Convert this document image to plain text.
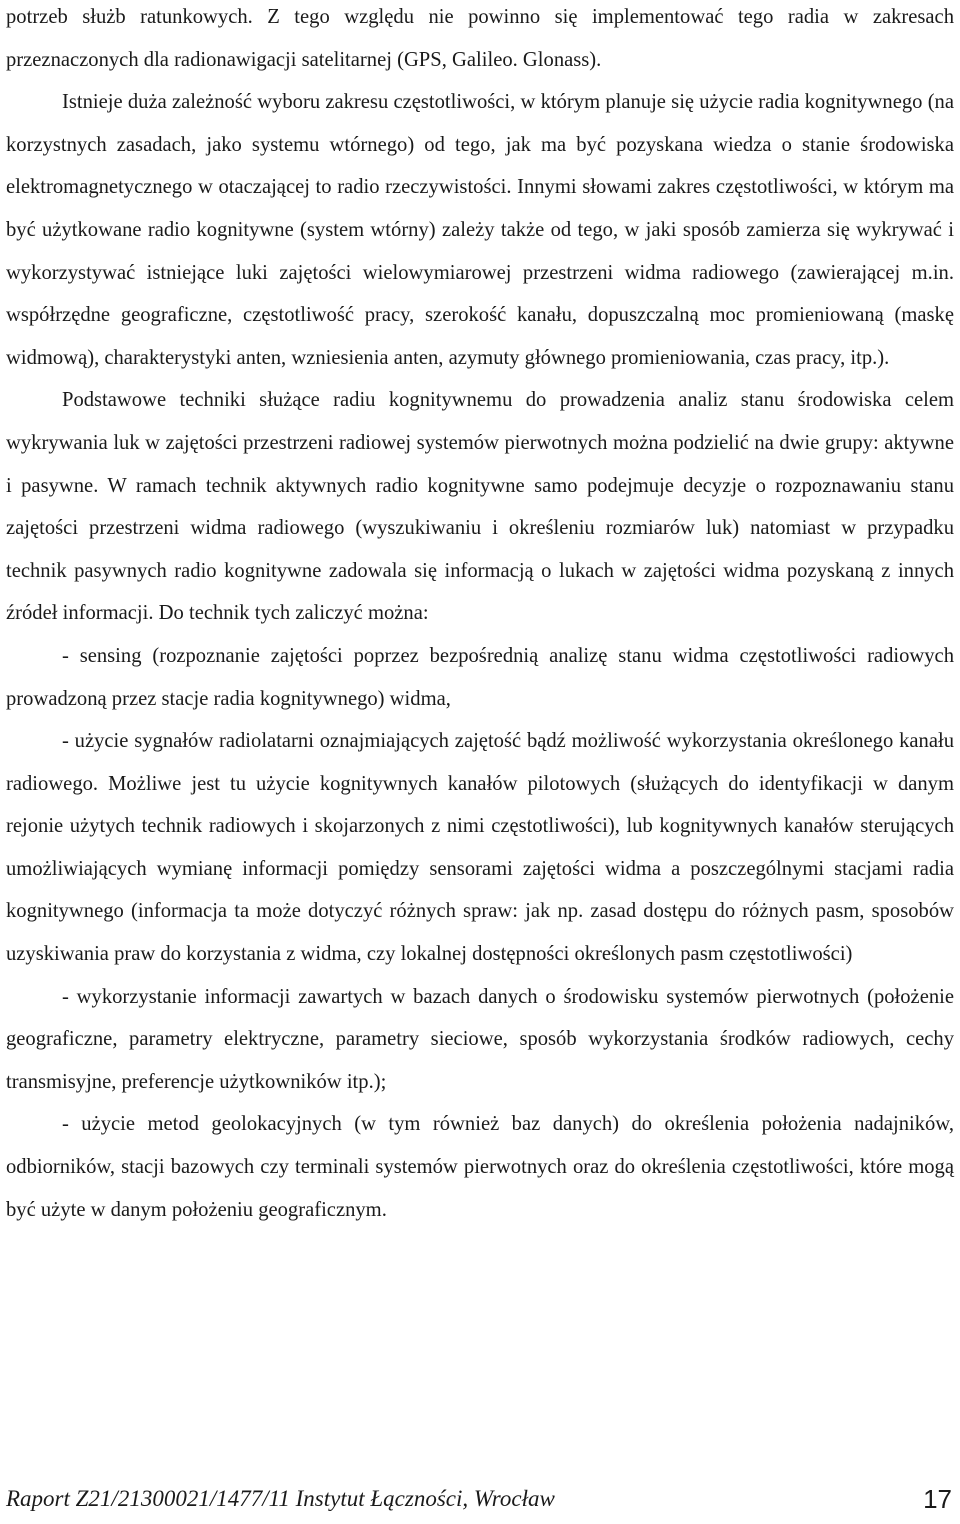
potrzeb służb ratunkowych. Z tego względu nie powinno się implementować tego radia w zakresach przeznaczonych dla radionawigacji satelitarnej (GPS, Galileo. Glonass).

Istnieje duża zależność wyboru zakresu częstotliwości, w którym planuje się użycie radia kognitywnego (na korzystnych zasadach, jako systemu wtórnego) od tego, jak ma być pozyskana wiedza o stanie środowiska elektromagnetycznego w otaczającej to radio rzeczywistości. Innymi słowami zakres częstotliwości, w którym ma być użytkowane radio kognitywne (system wtórny) zależy także od tego, w jaki sposób zamierza się wykrywać i wykorzystywać istniejące luki zajętości wielowymiarowej przestrzeni widma radiowego (zawierającej m.in. współrzędne geograficzne, częstotliwość pracy, szerokość kanału, dopuszczalną moc promieniowaną (maskę widmową), charakterystyki anten, wzniesienia anten, azymuty głównego promieniowania, czas pracy, itp.).

Podstawowe techniki służące radiu kognitywnemu do prowadzenia analiz stanu środowiska celem wykrywania luk w zajętości przestrzeni radiowej systemów pierwotnych można podzielić na dwie grupy: aktywne i pasywne. W ramach technik aktywnych radio kognitywne samo podejmuje decyzje o rozpoznawaniu stanu zajętości przestrzeni widma radiowego (wyszukiwaniu i określeniu rozmiarów luk) natomiast w przypadku technik pasywnych radio kognitywne zadowala się informacją o lukach w zajętości widma pozyskaną z innych źródeł informacji. Do technik tych zaliczyć można:

- sensing (rozpoznanie zajętości poprzez bezpośrednią analizę stanu widma częstotliwości radiowych prowadzoną przez stacje radia kognitywnego) widma,

- użycie sygnałów radiolatarni oznajmiających zajętość bądź możliwość wykorzystania określonego kanału radiowego. Możliwe jest tu użycie kognitywnych kanałów pilotowych (służących do identyfikacji w danym rejonie użytych technik radiowych i skojarzonych z nimi częstotliwości), lub kognitywnych kanałów sterujących umożliwiających wymianę informacji pomiędzy sensorami zajętości widma a poszczególnymi stacjami radia kognitywnego (informacja ta może dotyczyć różnych spraw: jak np. zasad dostępu do różnych pasm, sposobów uzyskiwania praw do korzystania z widma, czy lokalnej dostępności określonych pasm częstotliwości)

- wykorzystanie informacji zawartych w bazach danych o środowisku systemów pierwotnych (położenie geograficzne, parametry elektryczne, parametry sieciowe, sposób wykorzystania środków radiowych, cechy transmisyjne, preferencje użytkowników itp.);

- użycie metod geolokacyjnych (w tym również baz danych) do określenia położenia nadajników, odbiorników, stacji bazowych czy terminali systemów pierwotnych oraz do określenia częstotliwości, które mogą być użyte w danym położeniu geograficznym.

Raport Z21/21300021/1477/11 Instytut Łączności, Wrocław	17
